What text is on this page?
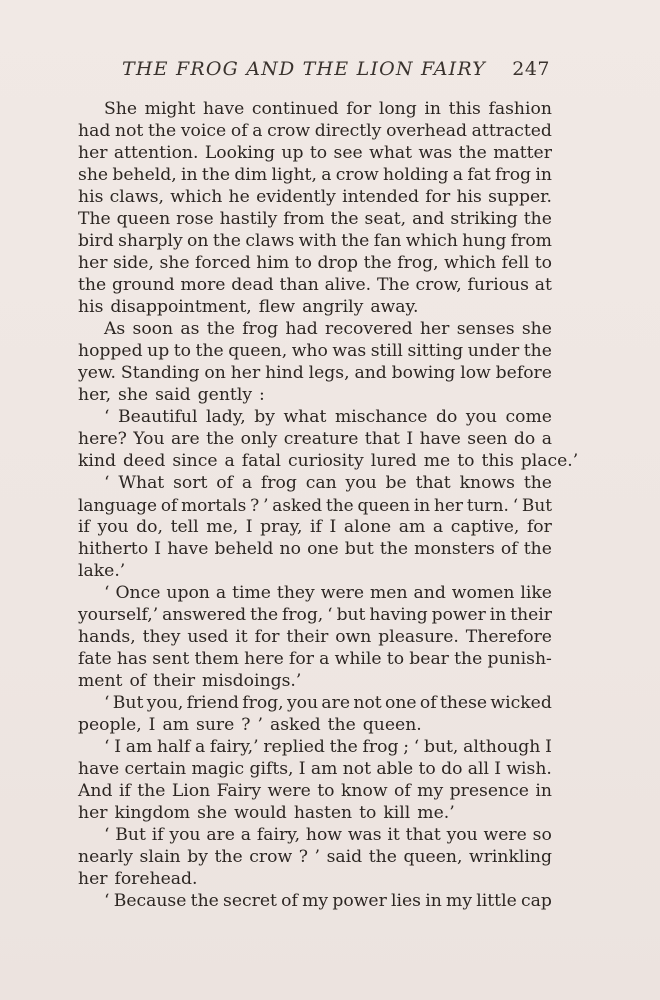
THE FROG AND THE LION FAIRY 247
She might have continued for long in this fashion
had not the voice of a crow directly overhead attracted
her attention. Looking up to see what was the matter
she beheld, in the dim light, a crow holding a fat frog in
his claws, which he evidently intended for his supper.
The queen rose hastily from the seat, and striking the
bird sharply on the claws with the fan which hung from
her side, she forced him to drop the frog, which fell to
the ground more dead than alive. The crow, furious at
his disappointment, flew angrily away.
As soon as the frog had recovered her senses she
hopped up to the queen, who was still sitting under the
yew. Standing on her hind legs, and bowing low before
her, she said gently :
‘ Beautiful lady, by what mischance do you come
here? You are the only creature that I have seen do a
kind deed since a fatal curiosity lured me to this place.’
‘ What sort of a frog can you be that knows the
language of mortals ? ’ asked the queen in her turn. ‘ But
if you do, tell me, I pray, if I alone am a captive, for
hitherto I have beheld no one but the monsters of the
lake.’
‘ Once upon a time they were men and women like
yourself,’ answered the frog, ‘ but having power in their
hands, they used it for their own pleasure. Therefore
fate has sent them here for a while to bear the punish-
ment of their misdoings.’
‘ But you, friend frog, you are not one of these wicked
people, I am sure ? ’ asked the queen.
‘ I am half a fairy,’ replied the frog ; ‘ but, although I
have certain magic gifts, I am not able to do all I wish.
And if the Lion Fairy were to know of my presence in
her kingdom she would hasten to kill me.’
‘ But if you are a fairy, how was it that you were so
nearly slain by the crow ? ’ said the queen, wrinkling
her forehead.
‘ Because the secret of my power lies in my little cap
